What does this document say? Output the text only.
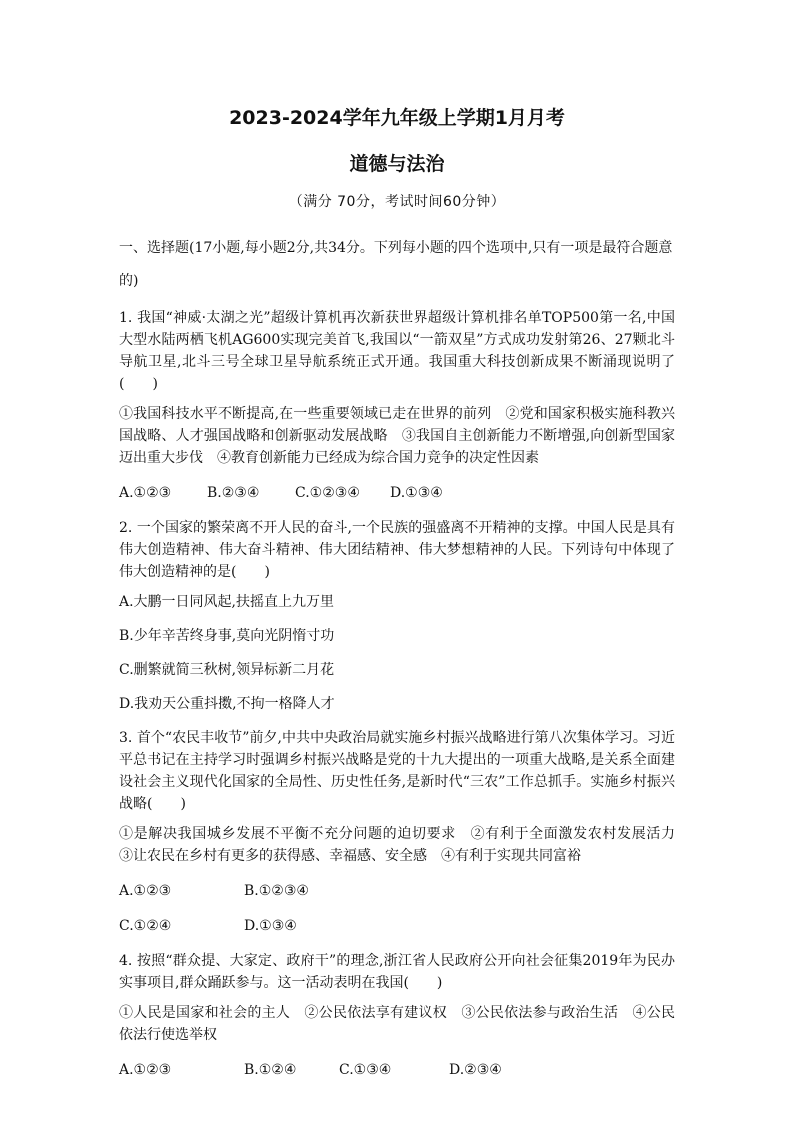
2023-2024学年九年级上学期1月月考
道德与法治
（满分 70分，考试时间60分钟）
一、选择题(17小题,每小题2分,共34分。下列每小题的四个选项中,只有一项是最符合题意的)
1. 我国“神威·太湖之光”超级计算机再次新获世界超级计算机排名单TOP500第一名,中国大型水陆两栖飞机AG600实现完美首飞,我国以“一箭双星”方式成功发射第26、27颗北斗导航卫星,北斗三号全球卫星导航系统正式开通。我国重大科技创新成果不断涌现说明了(　　)
①我国科技水平不断提高,在一些重要领域已走在世界的前列　②党和国家积极实施科教兴国战略、人才强国战略和创新驱动发展战略　③我国自主创新能力不断增强,向创新型国家迈出重大步伐　④教育创新能力已经成为综合国力竞争的决定性因素
A.①②③	B.②③④	C.①②③④	D.①③④
2. 一个国家的繁荣离不开人民的奋斗,一个民族的强盛离不开精神的支撑。中国人民是具有伟大创造精神、伟大奋斗精神、伟大团结精神、伟大梦想精神的人民。下列诗句中体现了伟大创造精神的是(　　)
A.大鹏一日同风起,扶摇直上九万里
B.少年辛苦终身事,莫向光阴惰寸功
C.删繁就简三秋树,领异标新二月花
D.我劝天公重抖擞,不拘一格降人才
3. 首个“农民丰收节”前夕,中共中央政治局就实施乡村振兴战略进行第八次集体学习。习近平总书记在主持学习时强调乡村振兴战略是党的十九大提出的一项重大战略,是关系全面建设社会主义现代化国家的全局性、历史性任务,是新时代“三农”工作总抓手。实施乡村振兴战略(　　)
①是解决我国城乡发展不平衡不充分问题的迫切要求　②有利于全面激发农村发展活力　③让农民在乡村有更多的获得感、幸福感、安全感　④有利于实现共同富裕
A.①②③	B.①②③④
C.①②④	D.①③④
4. 按照“群众提、大家定、政府干”的理念,浙江省人民政府公开向社会征集2019年为民办实事项目,群众踊跃参与。这一活动表明在我国(　　)
①人民是国家和社会的主人　②公民依法享有建议权　③公民依法参与政治生活　④公民依法行使选举权
A.①②③	B.①②④	C.①③④	D.②③④
